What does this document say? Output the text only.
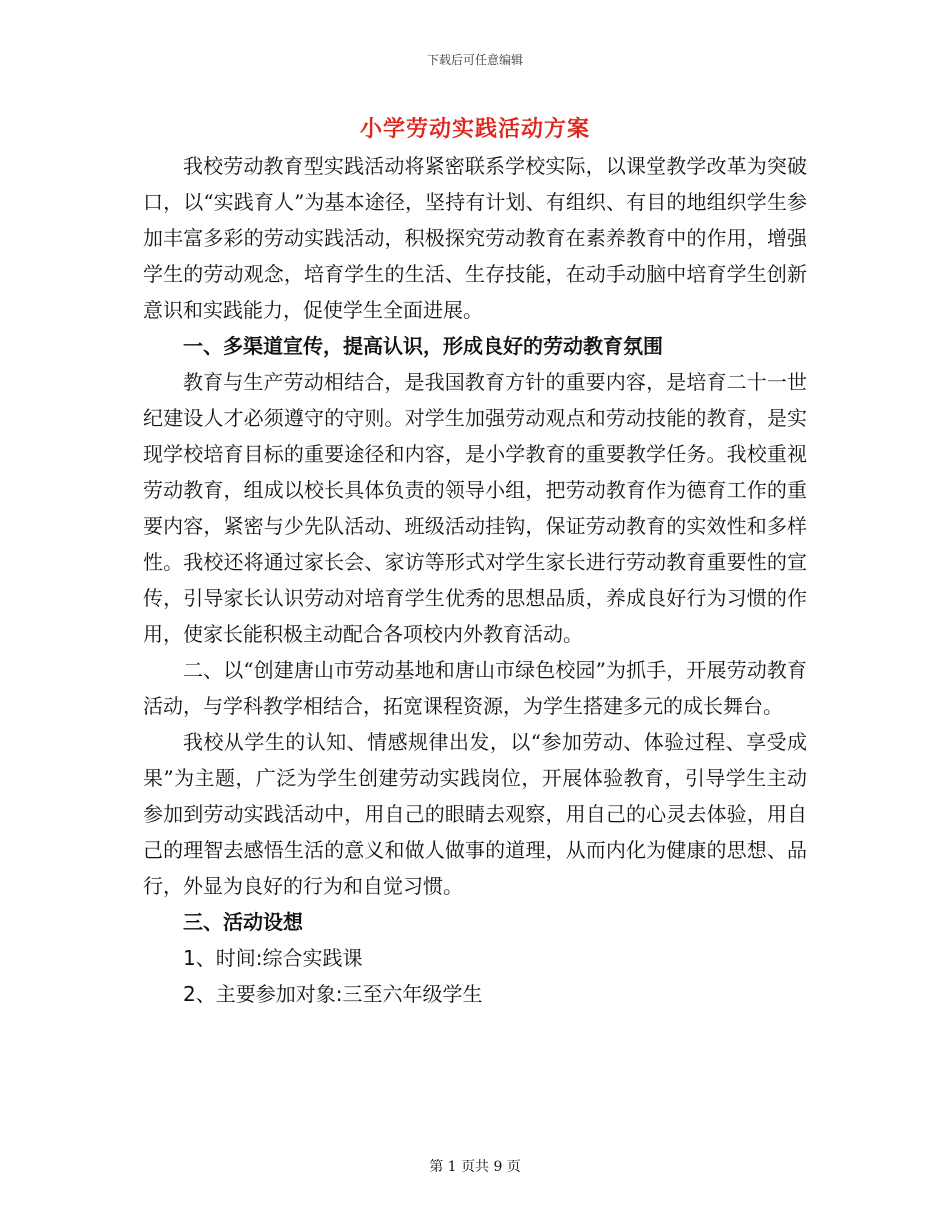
下载后可任意编辑
小学劳动实践活动方案

我校劳动教育型实践活动将紧密联系学校实际，以课堂教学改革为突破口，以“实践育人”为基本途径，坚持有计划、有组织、有目的地组织学生参加丰富多彩的劳动实践活动，积极探究劳动教育在素养教育中的作用，增强学生的劳动观念，培育学生的生活、生存技能，在动手动脑中培育学生创新意识和实践能力，促使学生全面进展。

一、多渠道宣传，提高认识，形成良好的劳动教育氛围

教育与生产劳动相结合，是我国教育方针的重要内容，是培育二十一世纪建设人才必须遵守的守则。对学生加强劳动观点和劳动技能的教育，是实现学校培育目标的重要途径和内容，是小学教育的重要教学任务。我校重视劳动教育，组成以校长具体负责的领导小组，把劳动教育作为德育工作的重要内容，紧密与少先队活动、班级活动挂钩，保证劳动教育的实效性和多样性。我校还将通过家长会、家访等形式对学生家长进行劳动教育重要性的宣传，引导家长认识劳动对培育学生优秀的思想品质，养成良好行为习惯的作用，使家长能积极主动配合各项校内外教育活动。

二、以“创建唐山市劳动基地和唐山市绿色校园”为抓手，开展劳动教育活动，与学科教学相结合，拓宽课程资源，为学生搭建多元的成长舞台。

我校从学生的认知、情感规律出发，以“参加劳动、体验过程、享受成果”为主题，广泛为学生创建劳动实践岗位，开展体验教育，引导学生主动参加到劳动实践活动中，用自己的眼睛去观察，用自己的心灵去体验，用自己的理智去感悟生活的意义和做人做事的道理，从而内化为健康的思想、品行，外显为良好的行为和自觉习惯。

三、活动设想

1、时间:综合实践课

2、主要参加对象:三至六年级学生

第 1 页共 9 页
